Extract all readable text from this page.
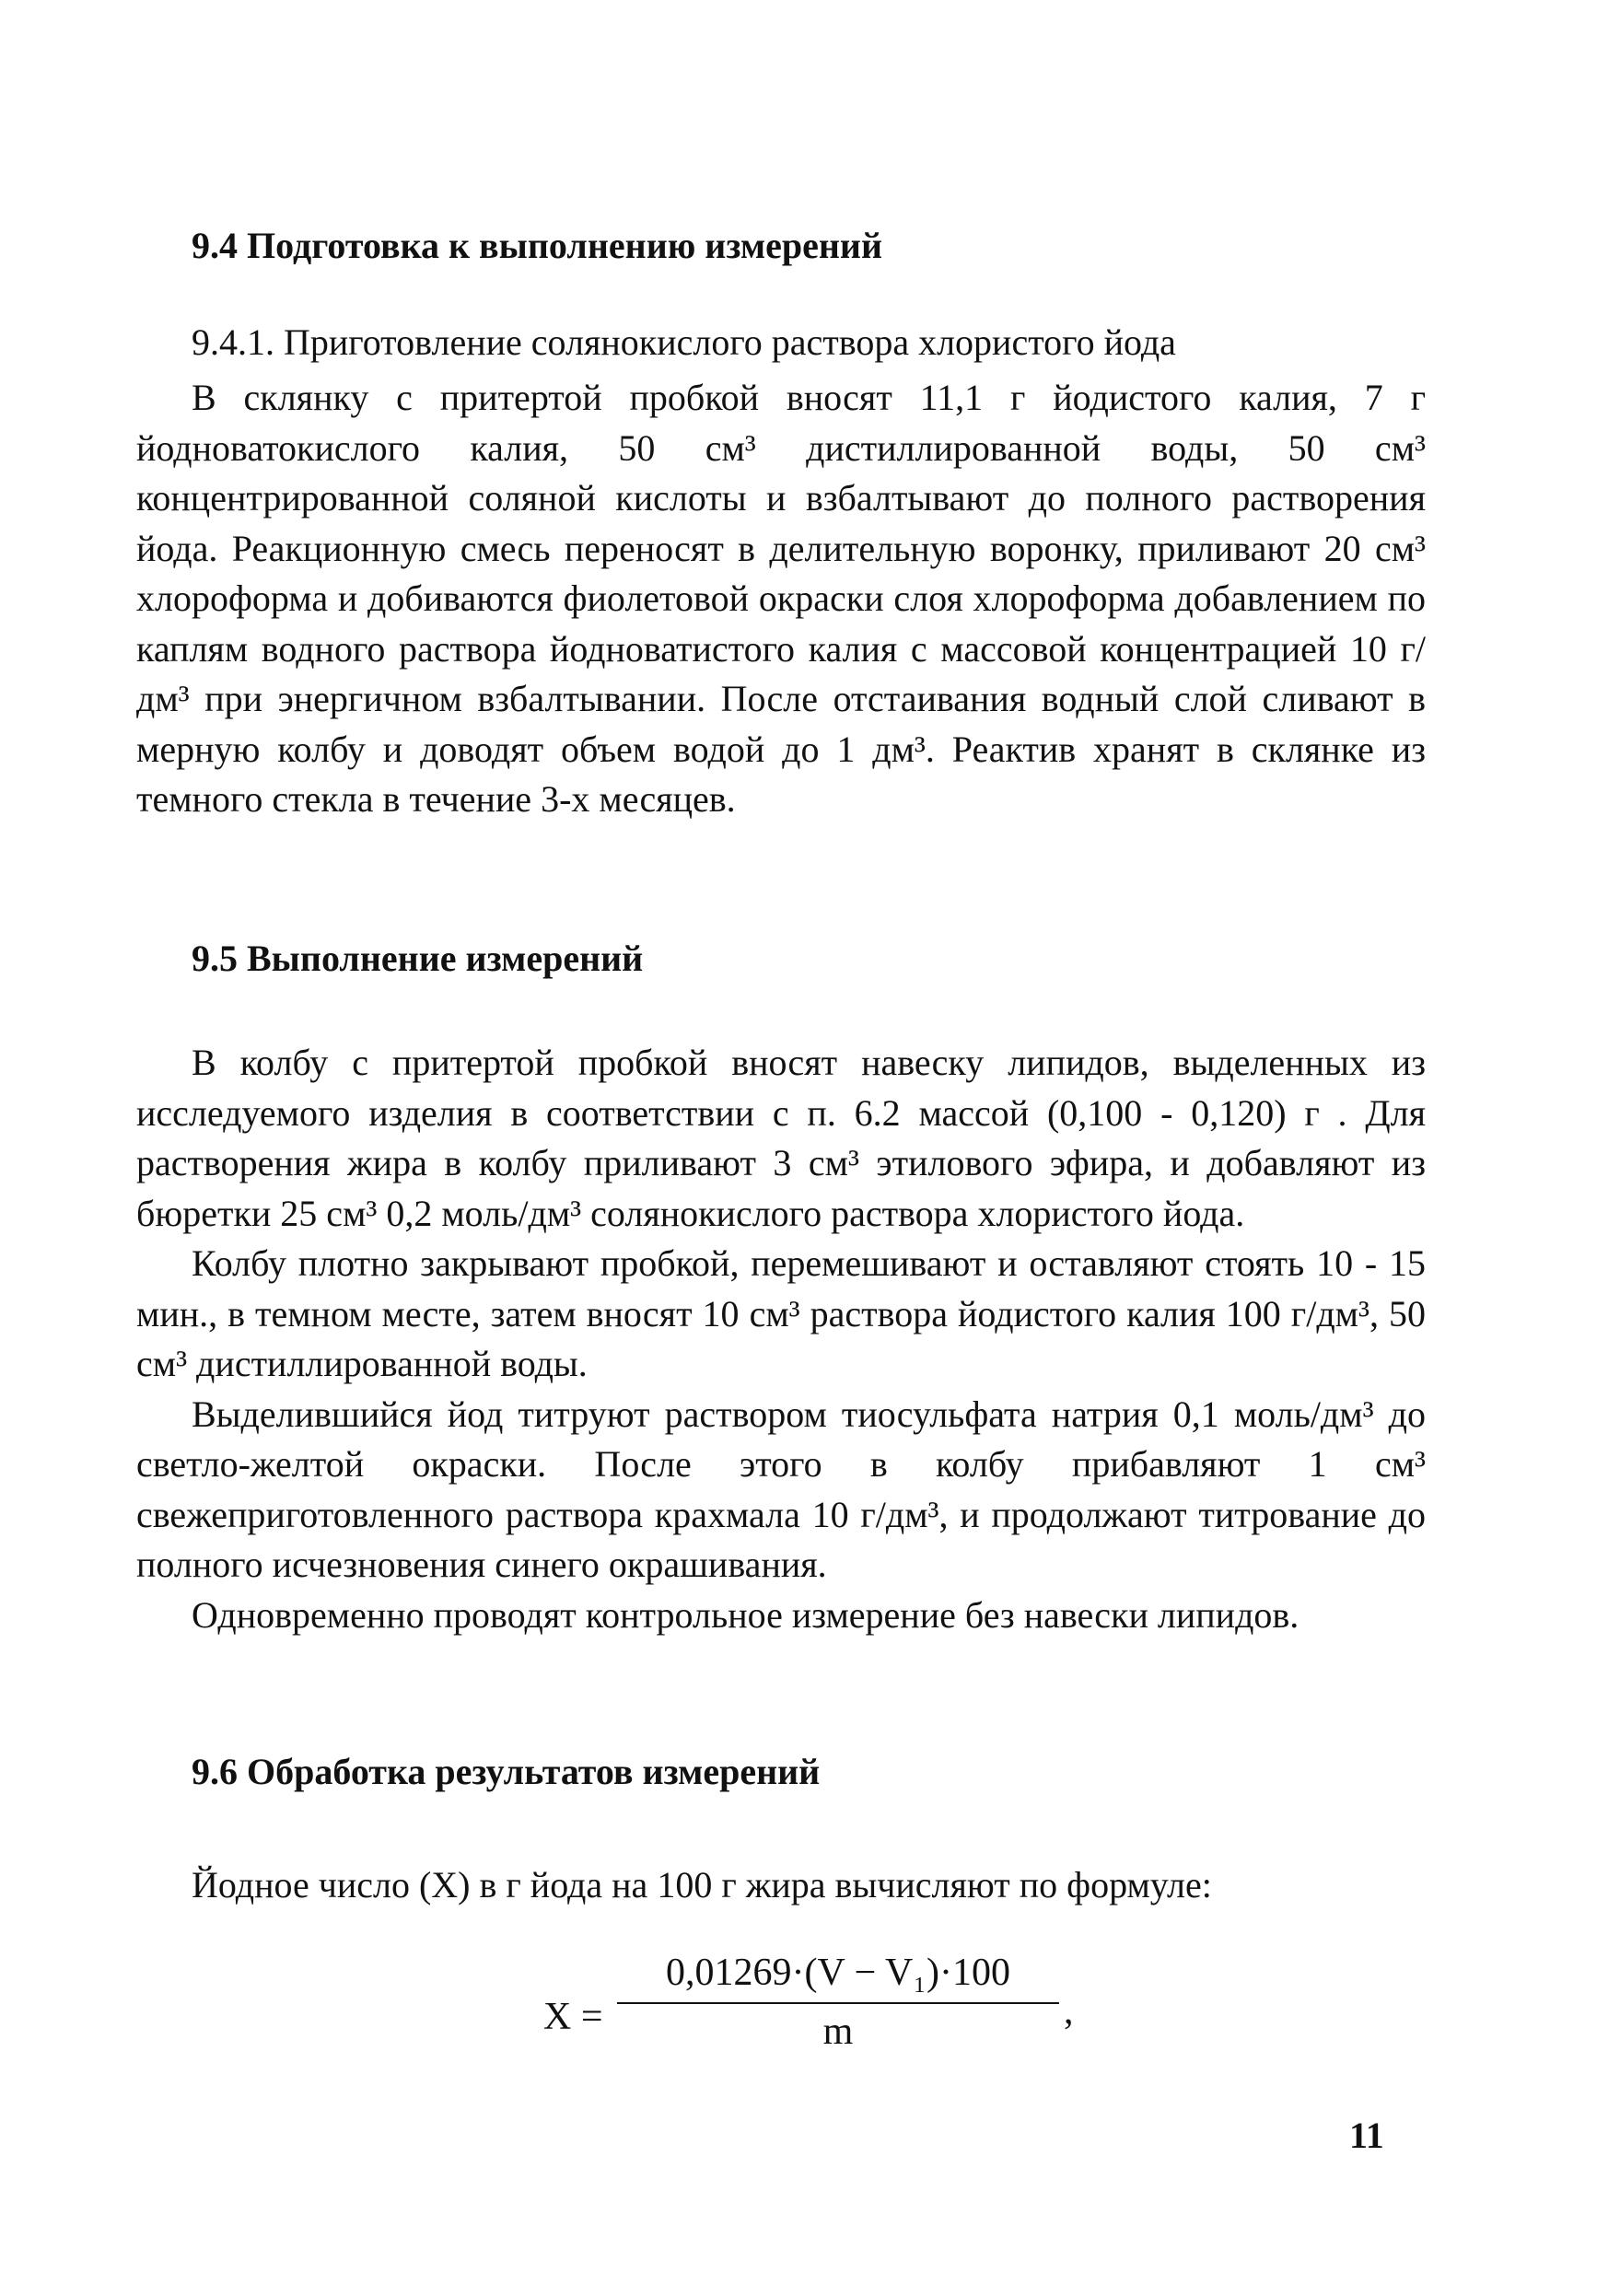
9.4 Подготовка к выполнению измерений
9.4.1. Приготовление солянокислого раствора хлористого йода

В склянку с притертой пробкой вносят 11,1 г йодистого калия, 7 г йодноватокислого калия, 50 см³ дистиллированной воды, 50 см³ концентрированной соляной кислоты и взбалтывают до полного растворения йода. Реакционную смесь переносят в делительную воронку, приливают 20 см³ хлороформа и добиваются фиолетовой окраски слоя хлороформа добавлением по каплям водного раствора йодноватистого калия с массовой концентрацией 10 г/дм³ при энергичном взбалтывании. После отстаивания водный слой сливают в мерную колбу и доводят объем водой до 1 дм³. Реактив хранят в склянке из темного стекла в течение 3-х месяцев.

9.5 Выполнение измерений

В колбу с притертой пробкой вносят навеску липидов, выделенных из исследуемого изделия в соответствии с п. 6.2 массой (0,100 - 0,120) г . Для растворения жира в колбу приливают 3 см³ этилового эфира, и добавляют из бюретки 25 см³ 0,2 моль/дм³ солянокислого раствора хлористого йода.

Колбу плотно закрывают пробкой, перемешивают и оставляют стоять 10 - 15 мин., в темном месте, затем вносят 10 см³ раствора йодистого калия 100 г/дм³, 50 см³ дистиллированной воды.

Выделившийся йод титруют раствором тиосульфата натрия 0,1 моль/дм³ до светло-желтой окраски. После этого в колбу прибавляют 1 см³ свежеприготовленного раствора крахмала 10 г/дм³, и продолжают титрование до полного исчезновения синего окрашивания.

Одновременно проводят контрольное измерение без навески липидов.

9.6 Обработка результатов измерений

Йодное число (Х) в г йода на 100 г жира вычисляют по формуле:

X =
0,01269·(V − V₁)·100
m	,
11
